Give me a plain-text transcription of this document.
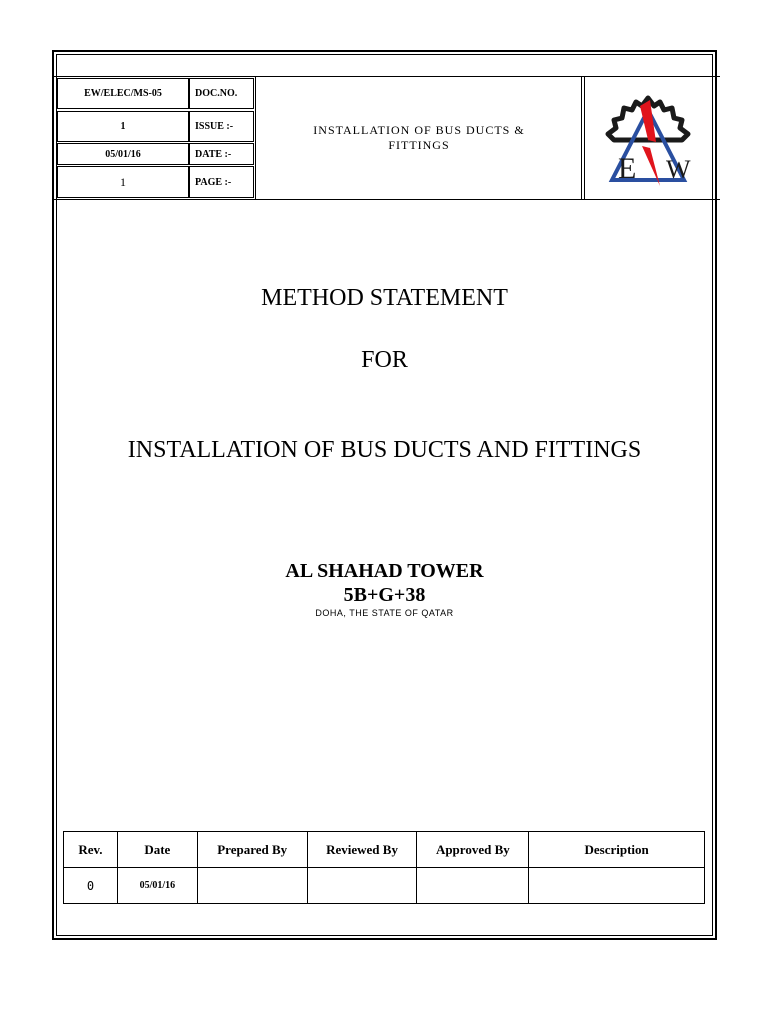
EW/ELEC/MS-05	DOC.NO.
1	ISSUE :-
05/01/16	DATE :-
1	PAGE :-
INSTALLATION OF BUS DUCTS &
FITTINGS
E W
METHOD STATEMENT
FOR
INSTALLATION OF BUS DUCTS AND FITTINGS
AL SHAHAD TOWER
5B+G+38
DOHA, THE STATE OF QATAR
Rev.	Date	Prepared By	Reviewed By	Approved By	Description
0	05/01/16				
